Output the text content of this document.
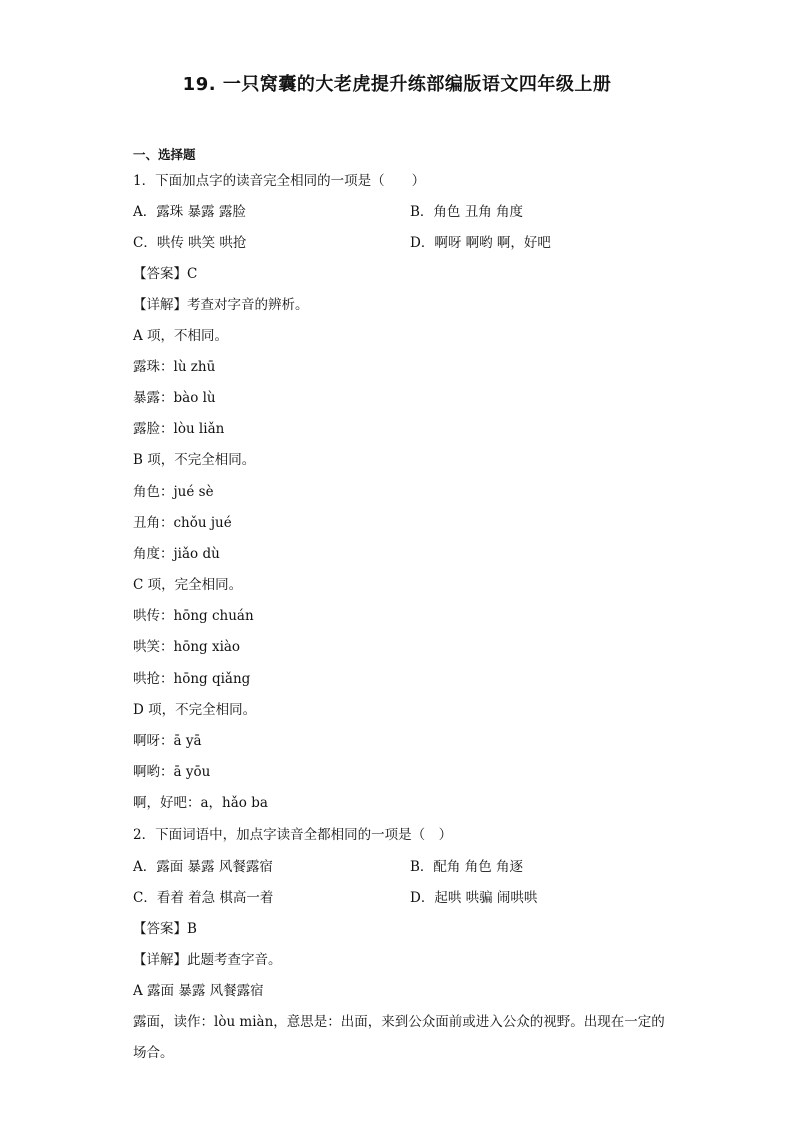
19. 一只窝囊的大老虎提升练部编版语文四年级上册
一、选择题
1．下面加点字的读音完全相同的一项是（　　）
A．露珠 暴露 露脸	B．角色 丑角 角度
C．哄传 哄笑 哄抢	D．啊呀 啊哟 啊，好吧
【答案】C
【详解】考查对字音的辨析。
A 项，不相同。
露珠：lù zhū
暴露：bào lù
露脸：lòu liǎn
B 项，不完全相同。
角色：jué sè
丑角：chǒu jué
角度：jiǎo dù
C 项，完全相同。
哄传：hōng chuán
哄笑：hōng xiào
哄抢：hōng qiǎng
D 项，不完全相同。
啊呀：ā yā
啊哟：ā yōu
啊，好吧：a，hǎo ba
2．下面词语中，加点字读音全都相同的一项是（　）
A．露面 暴露 风餐露宿	B．配角 角色 角逐
C．看着 着急 棋高一着	D．起哄 哄骗 闹哄哄
【答案】B
【详解】此题考查字音。
A 露面 暴露 风餐露宿
露面，读作：lòu miàn，意思是：出面，来到公众面前或进入公众的视野。出现在一定的场合。
